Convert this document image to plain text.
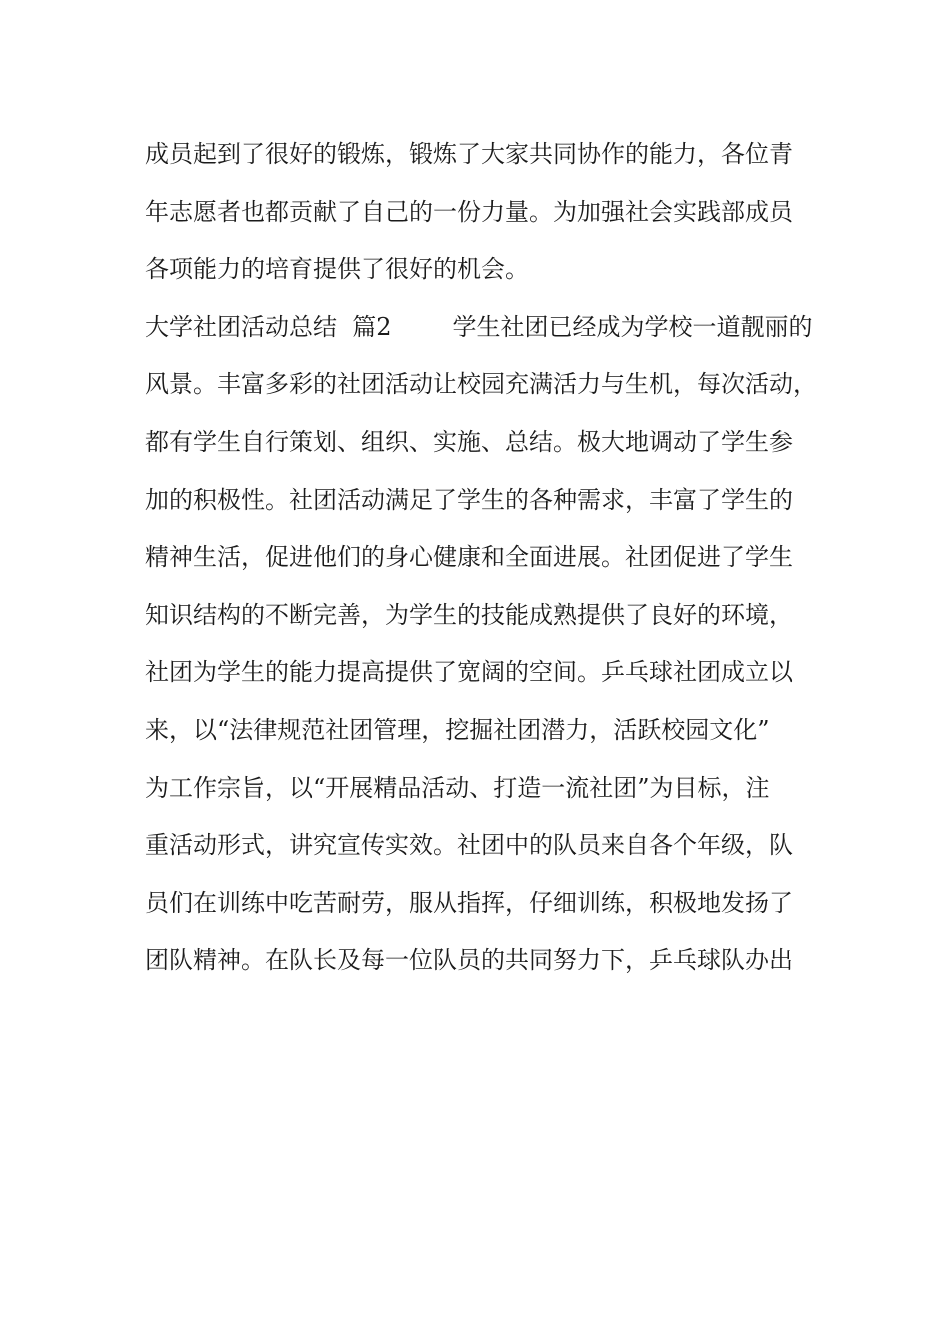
成员起到了很好的锻炼，锻炼了大家共同协作的能力，各位青

年志愿者也都贡献了自己的一份力量。为加强社会实践部成员

各项能力的培育提供了很好的机会。

大学社团活动总结  篇2        学生社团已经成为学校一道靓丽的

风景。丰富多彩的社团活动让校园充满活力与生机，每次活动，

都有学生自行策划、组织、实施、总结。极大地调动了学生参

加的积极性。社团活动满足了学生的各种需求，丰富了学生的

精神生活，促进他们的身心健康和全面进展。社团促进了学生

知识结构的不断完善，为学生的技能成熟提供了良好的环境，

社团为学生的能力提高提供了宽阔的空间。乒乓球社团成立以

来，以“法律规范社团管理，挖掘社团潜力，活跃校园文化”

为工作宗旨，以“开展精品活动、打造一流社团”为目标，注

重活动形式，讲究宣传实效。社团中的队员来自各个年级，队

员们在训练中吃苦耐劳，服从指挥，仔细训练，积极地发扬了

团队精神。在队长及每一位队员的共同努力下，乒乓球队办出
